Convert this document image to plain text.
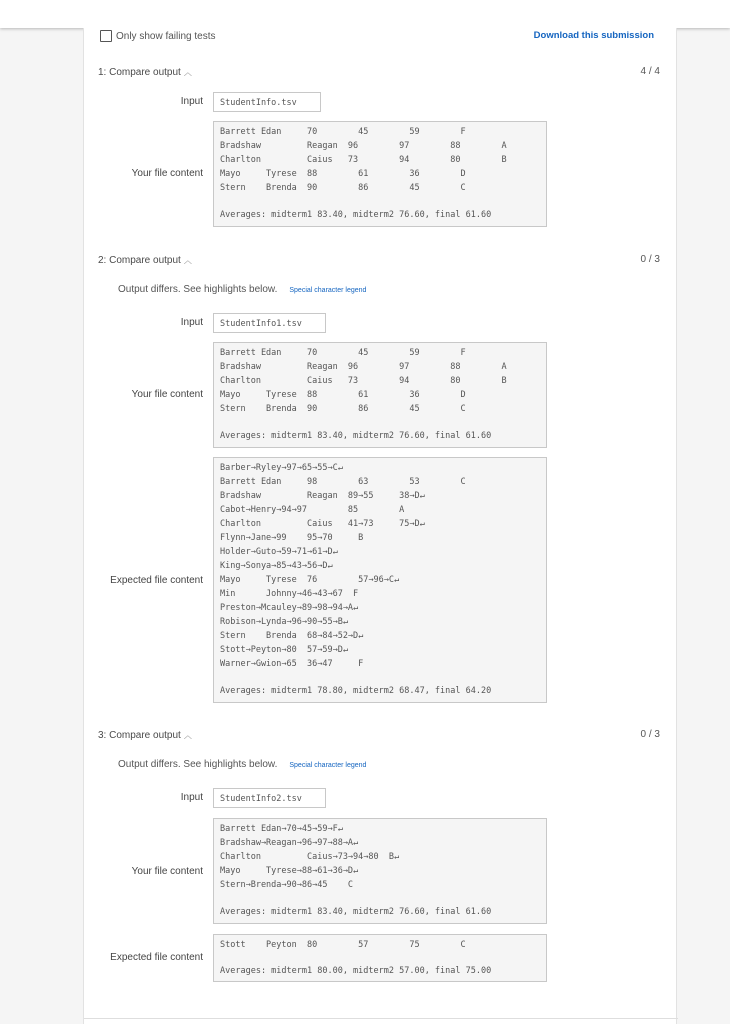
Only show failing tests	Download this submission
1: Compare output ︿	4 / 4
Input	StudentInfo.tsv
Your file content
Barrett Edan     70        45        59        F
Bradshaw         Reagan  96        97        88        A
Charlton         Caius   73        94        80        B
Mayo     Tyrese  88        61        36        D
Stern    Brenda  90        86        45        C
Averages: midterm1 83.40, midterm2 76.60, final 61.60
2: Compare output ︿	0 / 3
Output differs. See highlights below. Special character legend
Input	StudentInfo1.tsv
Your file content
Barrett Edan     70        45        59        F
Bradshaw         Reagan  96        97        88        A
Charlton         Caius   73        94        80        B
Mayo     Tyrese  88        61        36        D
Stern    Brenda  90        86        45        C
Averages: midterm1 83.40, midterm2 76.60, final 61.60
Expected file content
Barber→Ryley→97→65→55→C↵
Barrett Edan     98        63        53        C
Bradshaw         Reagan  89→55     38→D↵
Cabot→Henry→94→97        85        A
Charlton         Caius   41→73     75→D↵
Flynn→Jane→99    95→70     B
Holder→Guto→59→71→61→D↵
King→Sonya→85→43→56→D↵
Mayo     Tyrese  76        57→96→C↵
Min      Johnny→46→43→67  F
Preston→Mcauley→89→98→94→A↵
Robison→Lynda→96→90→55→B↵
Stern    Brenda  68→84→52→D↵
Stott→Peyton→80  57→59→D↵
Warner→Gwion→65  36→47     F
Averages: midterm1 78.80, midterm2 68.47, final 64.20
3: Compare output ︿	0 / 3
Output differs. See highlights below. Special character legend
Input	StudentInfo2.tsv
Your file content
Barrett Edan→70→45→59→F↵
Bradshaw→Reagan→96→97→88→A↵
Charlton         Caius→73→94→80  B↵
Mayo     Tyrese→88→61→36→D↵
Stern→Brenda→90→86→45    C
Averages: midterm1 83.40, midterm2 76.60, final 61.60
Expected file content
Stott    Peyton  80        57        75        C
Averages: midterm1 80.00, midterm2 57.00, final 75.00
